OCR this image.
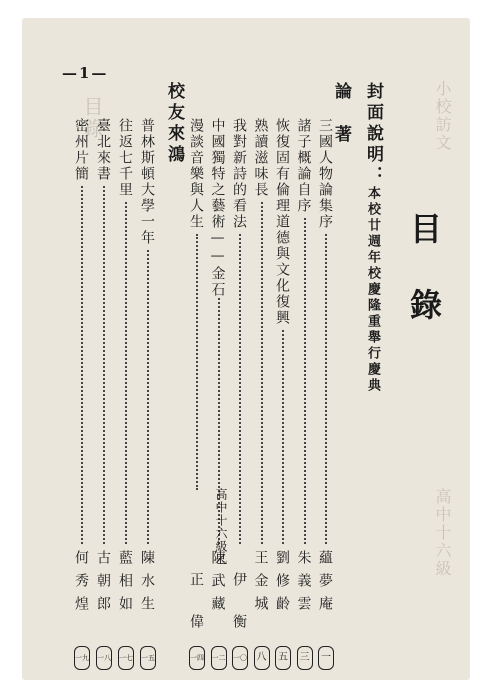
小校訪文
目錄
高中十六級
—1—
目錄
封面說明：
本校廿週年校慶隆重舉行慶典
論著
三國人物論集序
蘊夢庵
一
諸子概論自序
朱義雲
三
恢復固有倫理道德與文化復興
劉修齡
五
熟讀滋味長
王金城
八
我對新詩的看法
伊衡
一〇
中國獨特之藝術——金石
陳武藏
一二
漫談音樂與人生
高中十六級乙
正偉
一四
校友來鴻
普林斯頓大學一年
陳水生
一五
往返七千里
藍相如
一七
臺北來書
古朝郎
一八
密州片簡
何秀煌
一九
